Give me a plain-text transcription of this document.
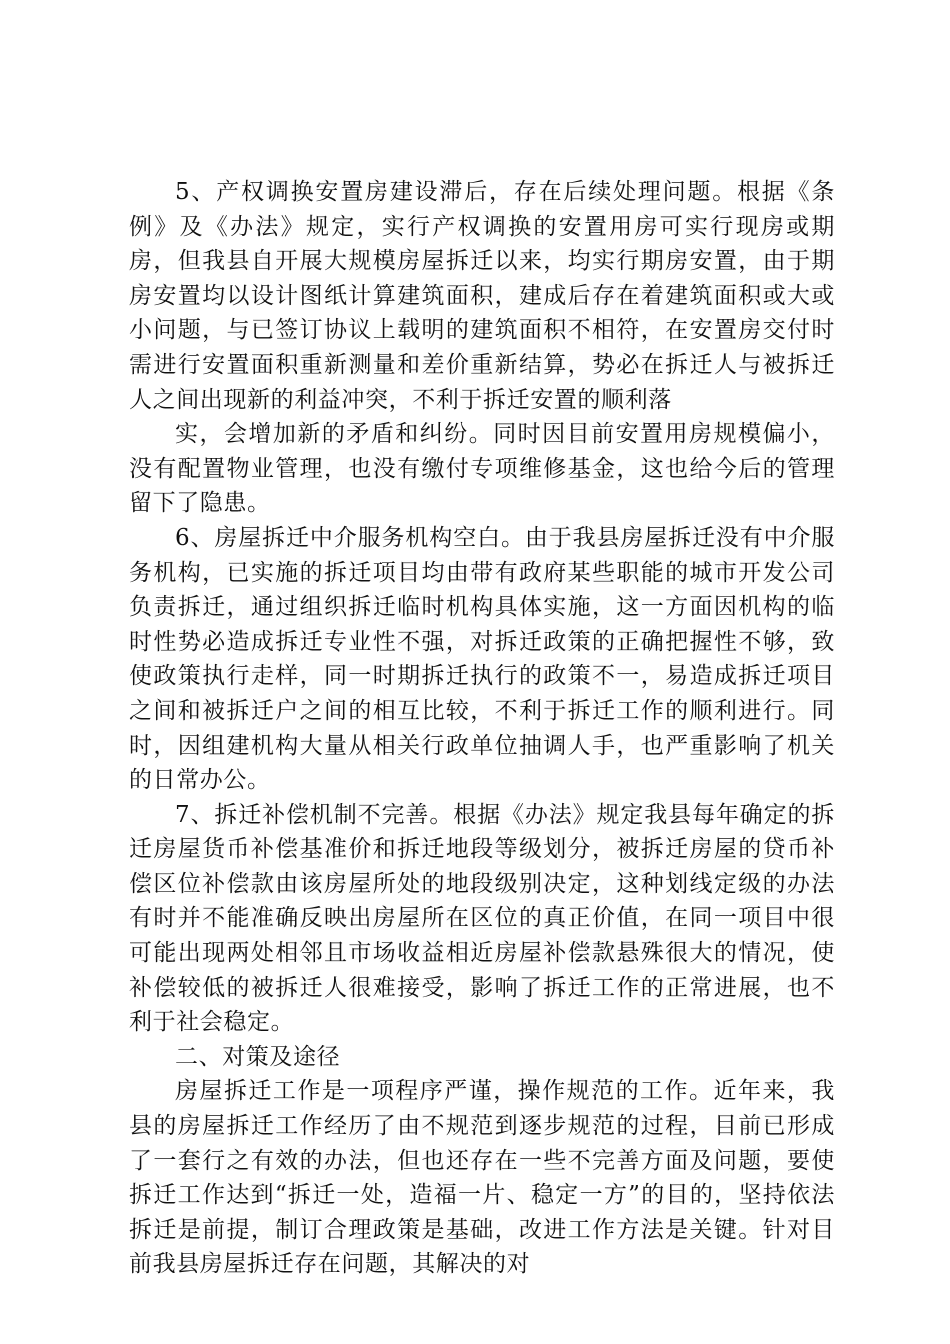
5、产权调换安置房建设滞后，存在后续处理问题。根据《条例》及《办法》规定，实行产权调换的安置用房可实行现房或期房，但我县自开展大规模房屋拆迁以来，均实行期房安置，由于期房安置均以设计图纸计算建筑面积，建成后存在着建筑面积或大或小问题，与已签订协议上载明的建筑面积不相符，在安置房交付时需进行安置面积重新测量和差价重新结算，势必在拆迁人与被拆迁人之间出现新的利益冲突，不利于拆迁安置的顺利落

实，会增加新的矛盾和纠纷。同时因目前安置用房规模偏小，没有配置物业管理，也没有缴付专项维修基金，这也给今后的管理留下了隐患。

6、房屋拆迁中介服务机构空白。由于我县房屋拆迁没有中介服务机构，已实施的拆迁项目均由带有政府某些职能的城市开发公司负责拆迁，通过组织拆迁临时机构具体实施，这一方面因机构的临时性势必造成拆迁专业性不强，对拆迁政策的正确把握性不够，致使政策执行走样，同一时期拆迁执行的政策不一，易造成拆迁项目之间和被拆迁户之间的相互比较，不利于拆迁工作的顺利进行。同时，因组建机构大量从相关行政单位抽调人手，也严重影响了机关的日常办公。

7、拆迁补偿机制不完善。根据《办法》规定我县每年确定的拆迁房屋货币补偿基准价和拆迁地段等级划分，被拆迁房屋的贷币补偿区位补偿款由该房屋所处的地段级别决定，这种划线定级的办法有时并不能准确反映出房屋所在区位的真正价值，在同一项目中很可能出现两处相邻且市场收益相近房屋补偿款悬殊很大的情况，使补偿较低的被拆迁人很难接受，影响了拆迁工作的正常进展，也不利于社会稳定。

二、对策及途径

房屋拆迁工作是一项程序严谨，操作规范的工作。近年来，我县的房屋拆迁工作经历了由不规范到逐步规范的过程，目前已形成了一套行之有效的办法，但也还存在一些不完善方面及问题，要使拆迁工作达到“拆迁一处，造福一片、稳定一方”的目的，坚持依法拆迁是前提，制订合理政策是基础，改进工作方法是关键。针对目前我县房屋拆迁存在问题，其解决的对
